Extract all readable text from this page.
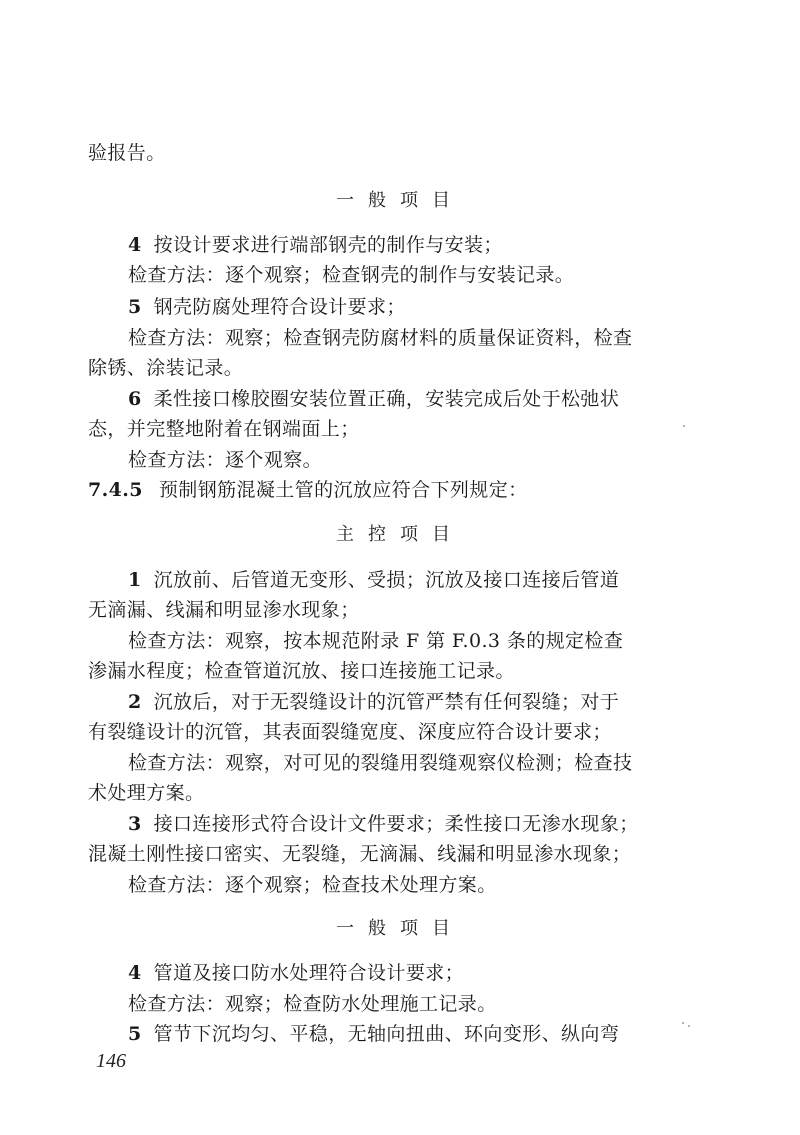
验报告。
一般项目
4 按设计要求进行端部钢壳的制作与安装；
检查方法：逐个观察；检查钢壳的制作与安装记录。
5 钢壳防腐处理符合设计要求；
检查方法：观察；检查钢壳防腐材料的质量保证资料，检查
除锈、涂装记录。
6 柔性接口橡胶圈安装位置正确，安装完成后处于松弛状
态，并完整地附着在钢端面上；
检查方法：逐个观察。
7.4.5 预制钢筋混凝土管的沉放应符合下列规定：
主控项目
1 沉放前、后管道无变形、受损；沉放及接口连接后管道
无滴漏、线漏和明显渗水现象；
检查方法：观察，按本规范附录 F 第 F.0.3 条的规定检查
渗漏水程度；检查管道沉放、接口连接施工记录。
2 沉放后，对于无裂缝设计的沉管严禁有任何裂缝；对于
有裂缝设计的沉管，其表面裂缝宽度、深度应符合设计要求；
检查方法：观察，对可见的裂缝用裂缝观察仪检测；检查技
术处理方案。
3 接口连接形式符合设计文件要求；柔性接口无渗水现象；
混凝土刚性接口密实、无裂缝，无滴漏、线漏和明显渗水现象；
检查方法：逐个观察；检查技术处理方案。
一般项目
4 管道及接口防水处理符合设计要求；
检查方法：观察；检查防水处理施工记录。
5 管节下沉均匀、平稳，无轴向扭曲、环向变形、纵向弯
146
